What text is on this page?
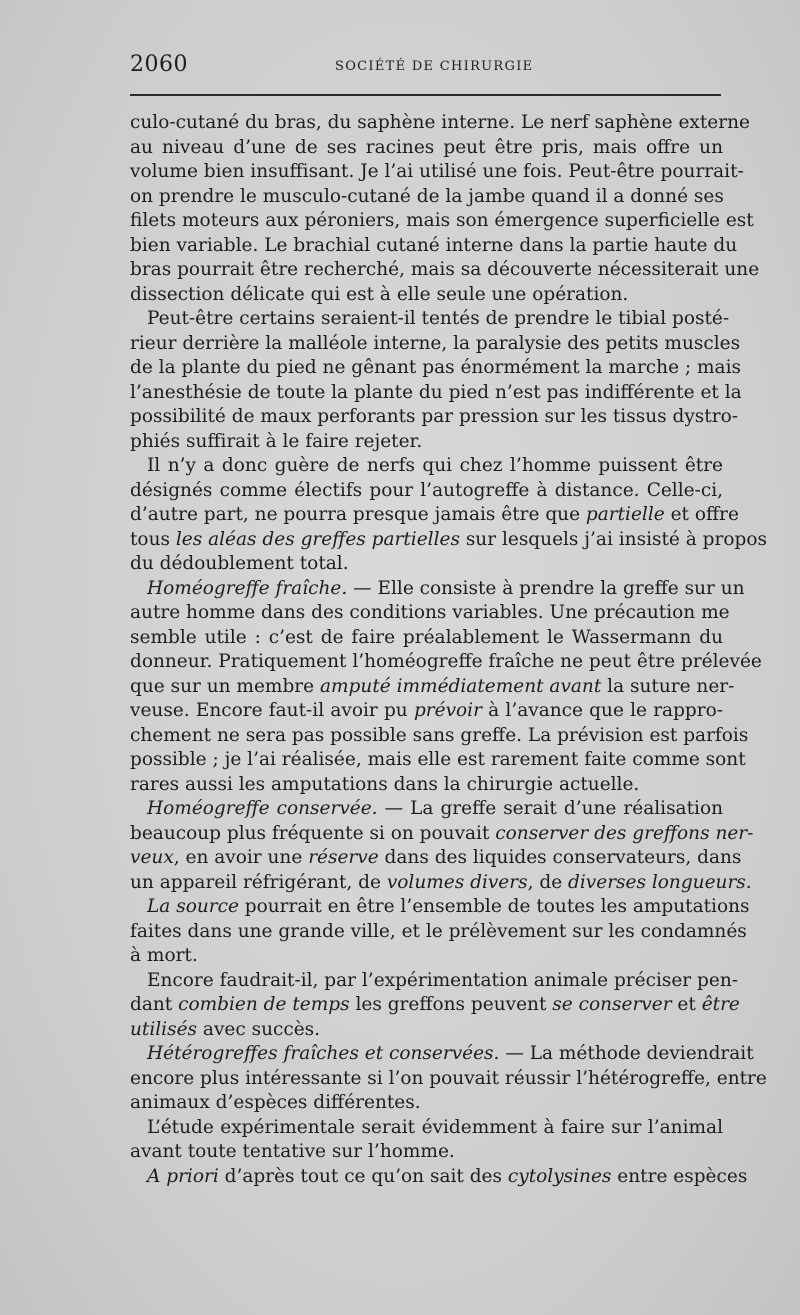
2060	SOCIÉTÉ DE CHIRURGIE
culo-cutané du bras, du saphène interne. Le nerf saphène externe
au niveau d’une de ses racines peut être pris, mais offre un
volume bien insuffisant. Je l’ai utilisé une fois. Peut-être pourrait-
on prendre le musculo-cutané de la jambe quand il a donné ses
filets moteurs aux péroniers, mais son émergence superficielle est
bien variable. Le brachial cutané interne dans la partie haute du
bras pourrait être recherché, mais sa découverte nécessiterait une
dissection délicate qui est à elle seule une opération.
Peut-être certains seraient-il tentés de prendre le tibial posté-
rieur derrière la malléole interne, la paralysie des petits muscles
de la plante du pied ne gênant pas énormément la marche ; mais
l’anesthésie de toute la plante du pied n’est pas indifférente et la
possibilité de maux perforants par pression sur les tissus dystro-
phiés suffirait à le faire rejeter.
Il n’y a donc guère de nerfs qui chez l’homme puissent être
désignés comme électifs pour l’autogreffe à distance. Celle-ci,
d’autre part, ne pourra presque jamais être que partielle et offre
tous les aléas des greffes partielles sur lesquels j’ai insisté à propos
du dédoublement total.
Homéogreffe fraîche. — Elle consiste à prendre la greffe sur un
autre homme dans des conditions variables. Une précaution me
semble utile : c’est de faire préalablement le Wassermann du
donneur. Pratiquement l’homéogreffe fraîche ne peut être prélevée
que sur un membre amputé immédiatement avant la suture ner-
veuse. Encore faut-il avoir pu prévoir à l’avance que le rappro-
chement ne sera pas possible sans greffe. La prévision est parfois
possible ; je l’ai réalisée, mais elle est rarement faite comme sont
rares aussi les amputations dans la chirurgie actuelle.
Homéogreffe conservée. — La greffe serait d’une réalisation
beaucoup plus fréquente si on pouvait conserver des greffons ner-
veux, en avoir une réserve dans des liquides conservateurs, dans
un appareil réfrigérant, de volumes divers, de diverses longueurs.
La source pourrait en être l’ensemble de toutes les amputations
faites dans une grande ville, et le prélèvement sur les condamnés
à mort.
Encore faudrait-il, par l’expérimentation animale préciser pen-
dant combien de temps les greffons peuvent se conserver et être
utilisés avec succès.
Hétérogreffes fraîches et conservées. — La méthode deviendrait
encore plus intéressante si l’on pouvait réussir l’hétérogreffe, entre
animaux d’espèces différentes.
L’étude expérimentale serait évidemment à faire sur l’animal
avant toute tentative sur l’homme.
A priori d’après tout ce qu’on sait des cytolysines entre espèces
